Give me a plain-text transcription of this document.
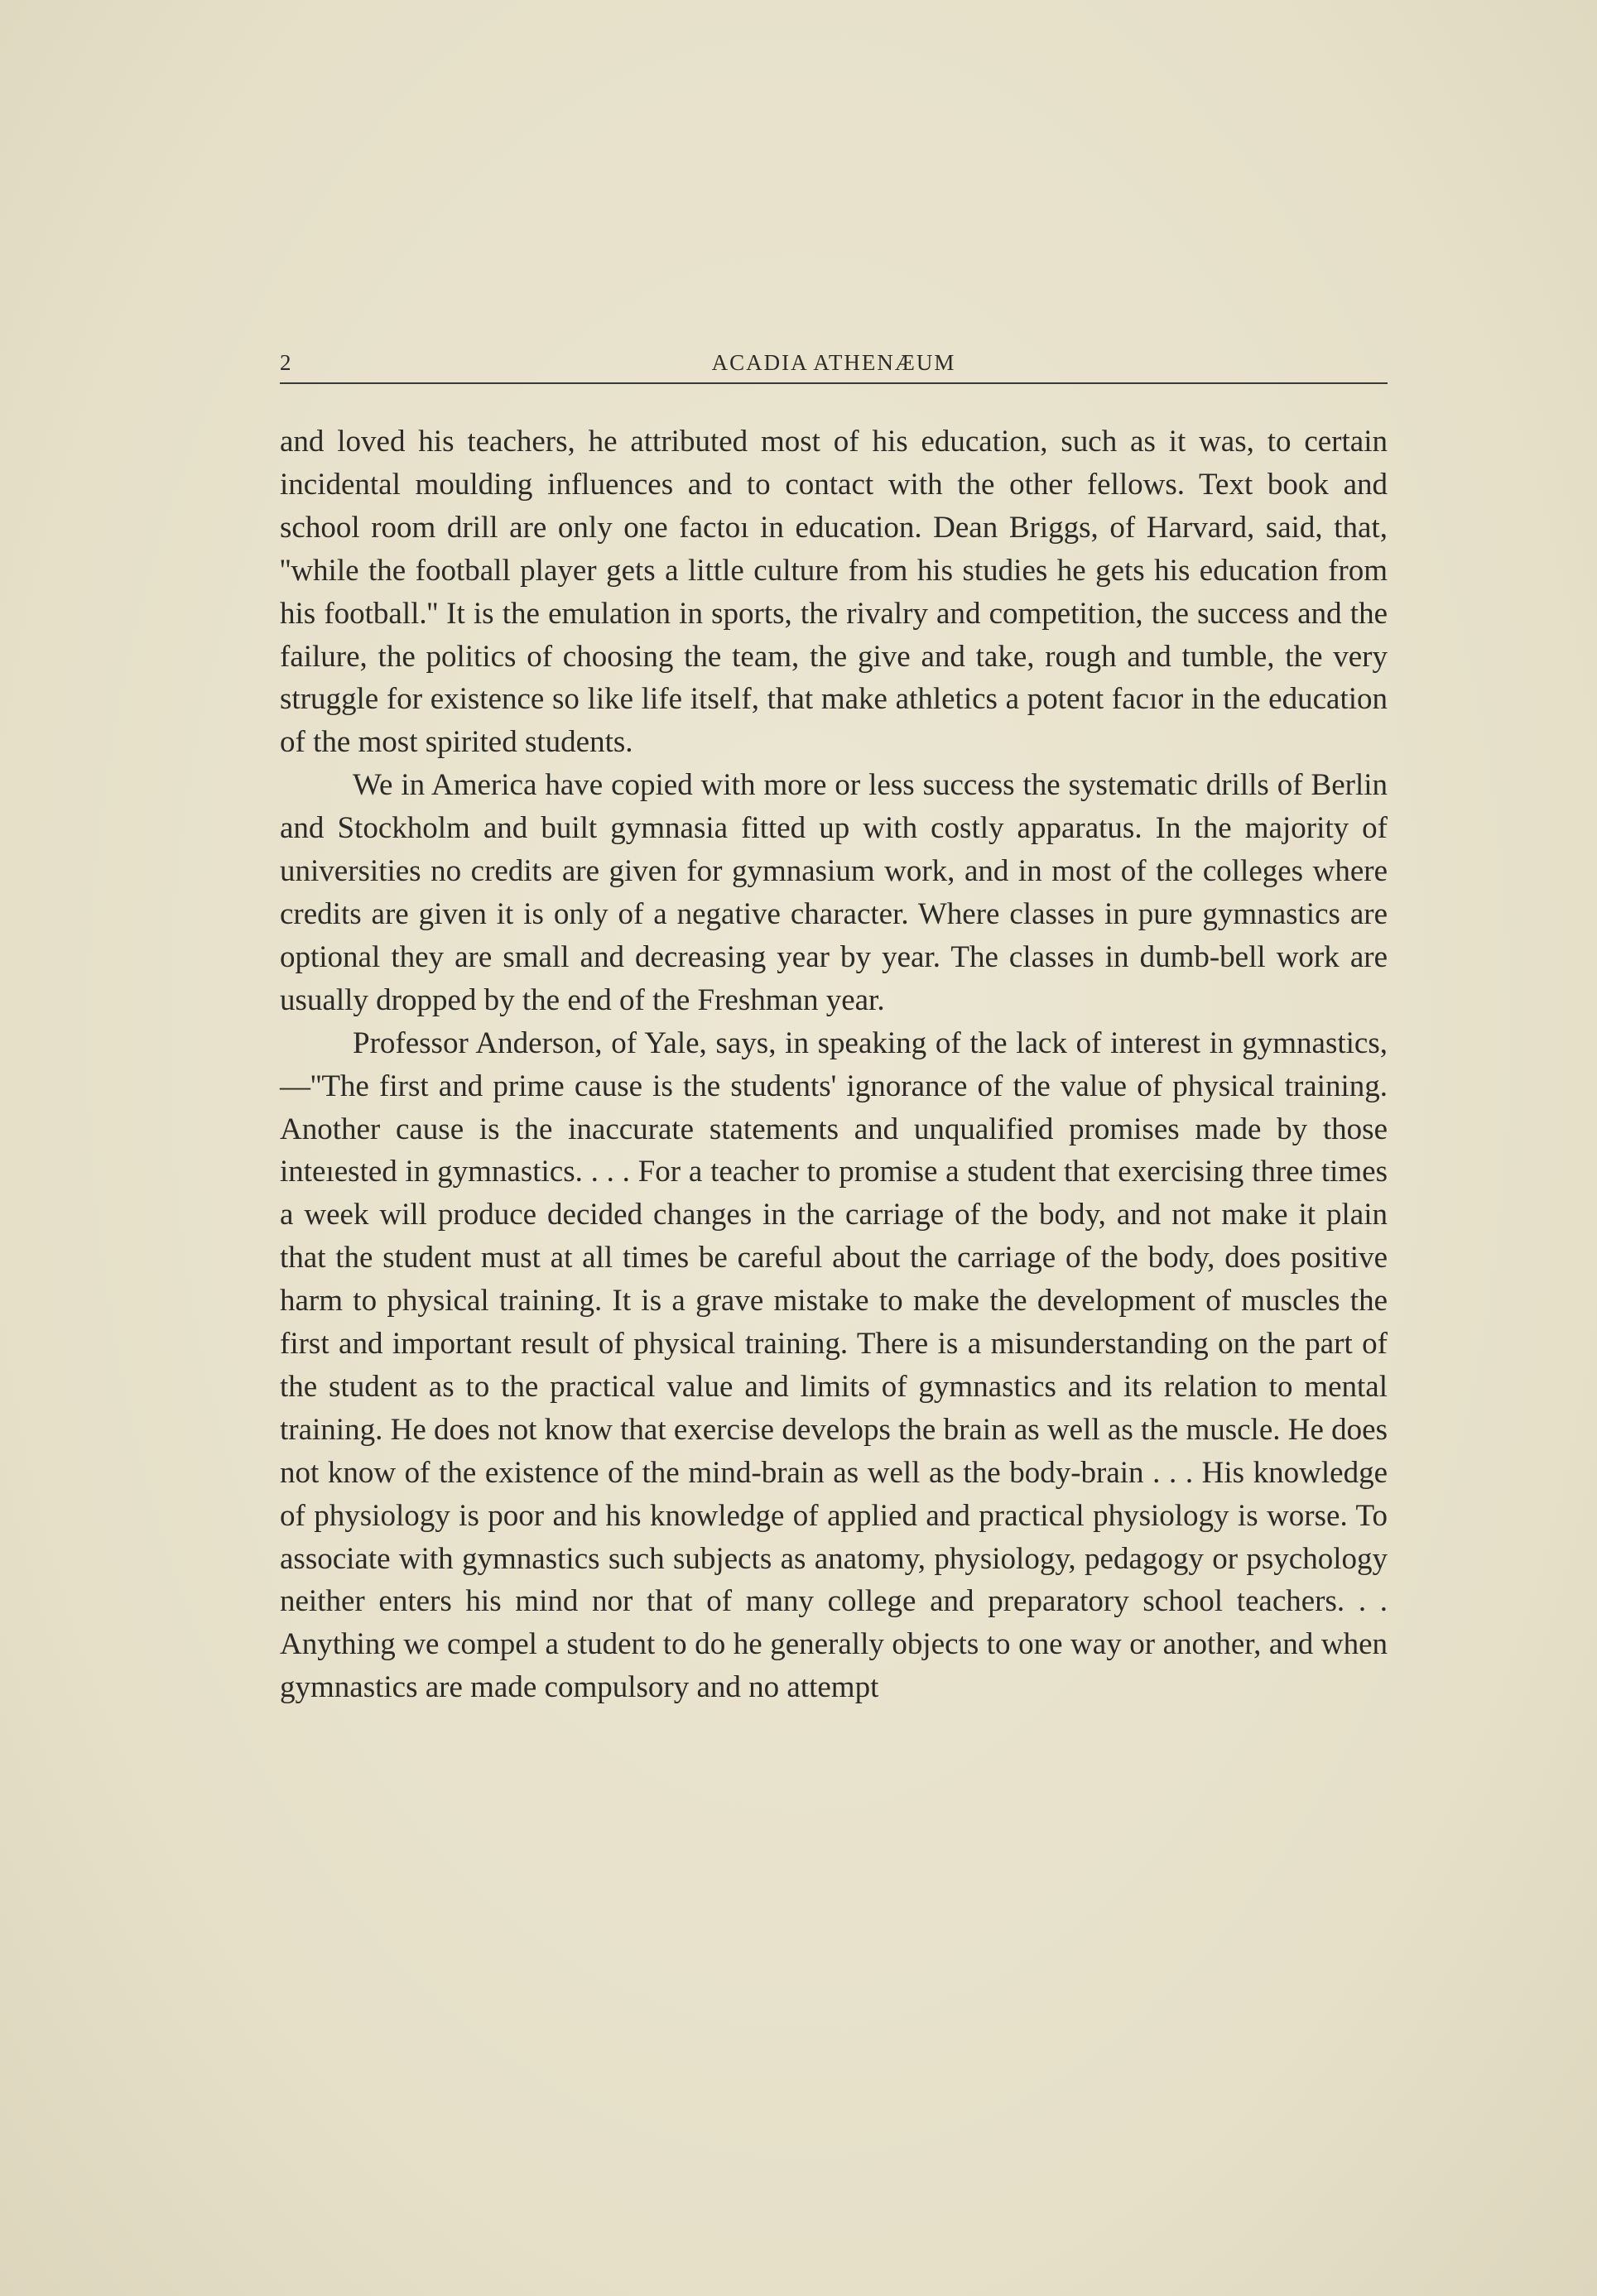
2	ACADIA ATHENÆUM

and loved his teachers, he attributed most of his education, such as it was, to certain incidental moulding influences and to contact with the other fellows. Text book and school room drill are only one factoı in education. Dean Briggs, of Harvard, said, that, ''while the football player gets a little culture from his studies he gets his education from his football.'' It is the emulation in sports, the rivalry and competition, the success and the failure, the politics of choosing the team, the give and take, rough and tumble, the very struggle for existence so like life itself, that make athletics a potent facıor in the education of the most spirited students.

We in America have copied with more or less success the systematic drills of Berlin and Stockholm and built gymnasia fitted up with costly apparatus. In the majority of universities no credits are given for gymnasium work, and in most of the colleges where credits are given it is only of a negative character. Where classes in pure gymnastics are optional they are small and decreasing year by year. The classes in dumb-bell work are usually dropped by the end of the Freshman yeаr.

Professor Anderson, of Yale, says, in speaking of the lack of interest in gymnastics,—''The first and prime cause is the students' ignorance of the value of physical training. Another cause is the inaccurate statements and unqualified promises made by those inteıested in gymnastics. . . . For a teacher to promise a student that exercising three times a week will produce decided changes in the carriage of the body, and not make it plain that the student must at all times be careful about the carriage of the body, does positive harm to physical training. It is a grave mistake to make the development of muscles the first and important result of physical training. There is a misunderstanding on the part of the student as to the practical value and limits of gymnastics and its relation to mental training. He does not know that exercise develops the brain as well as the muscle. He does not know of the existence of the mind-brain as well as the body-brain . . . His knowledge of physiology is poor and his knowledge of applied and practical physiology is worse. To associate with gymnastics such subjects as anatomy, physiology, pedagogy or psychology neither enters his mind nor that of many college and preparatory school teachers. . . Anything we compel a student to do he generally objects to one way or another, and when gymnastics are made compulsory and no attempt
